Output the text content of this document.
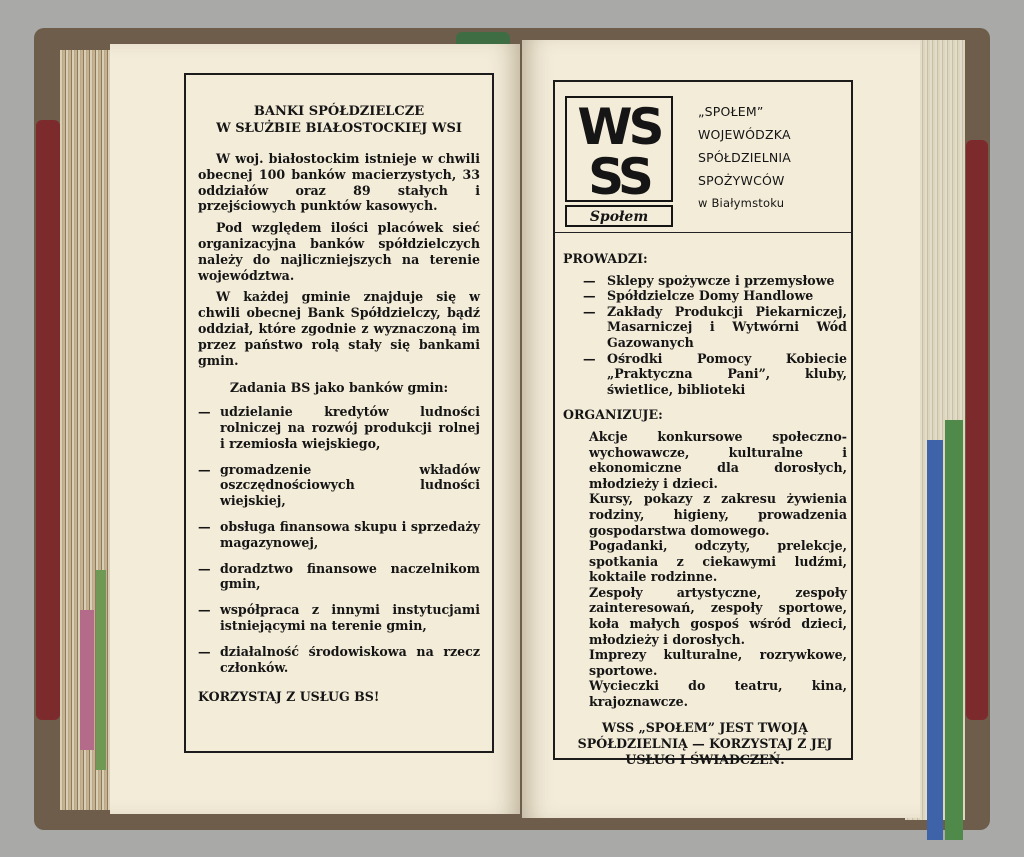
BANKI SPÓŁDZIELCZE
W SŁUŻBIE BIAŁOSTOCKIEJ WSI

W woj. białostockim istnieje w chwili obecnej 100 banków macierzystych, 33 oddziałów oraz 89 stałych i przejściowych punktów kasowych.

Pod względem ilości placówek sieć organizacyjna banków spółdzielczych należy do najliczniejszych na terenie województwa.

W każdej gminie znajduje się w chwili obecnej Bank Spółdzielczy, bądź oddział, które zgodnie z wyznaczoną im przez państwo rolą stały się bankami gmin.

Zadania BS jako banków gmin:
— udzielanie kredytów ludności rolniczej na rozwój produkcji rolnej i rzemiosła wiejskiego,
— gromadzenie wkładów oszczędnościowych ludności wiejskiej,
— obsługa finansowa skupu i sprzedaży magazynowej,
— doradztwo finansowe naczelnikom gmin,
— współpraca z innymi instytucjami istniejącymi na terenie gmin,
— działalność środowiskowa na rzecz członków.
KORZYSTAJ Z USŁUG BS!
WS
SS
Społem
„SPOŁEM”
WOJEWÓDZKA SPÓŁDZIELNIA
SPOŻYWCÓW
w Białymstoku
PROWADZI:
— Sklepy spożywcze i przemysłowe
— Spółdzielcze Domy Handlowe
— Zakłady Produkcji Piekarniczej, Masarniczej i Wytwórni Wód Gazowanych
— Ośrodki Pomocy Kobiecie „Praktyczna Pani”, kluby, świetlice, biblioteki
ORGANIZUJE:
Akcje konkursowe społeczno-wychowawcze, kulturalne i ekonomiczne dla dorosłych, młodzieży i dzieci.
Kursy, pokazy z zakresu żywienia rodziny, higieny, prowadzenia gospodarstwa domowego.
Pogadanki, odczyty, prelekcje, spotkania z ciekawymi ludźmi, koktaile rodzinne.
Zespoły artystyczne, zespoły zainteresowań, zespoły sportowe, koła małych gospoś wśród dzieci, młodzieży i dorosłych.
Imprezy kulturalne, rozrywkowe, sportowe.
Wycieczki do teatru, kina, krajoznawcze.
WSS „SPOŁEM” JEST TWOJĄ SPÓŁDZIELNIĄ — KORZYSTAJ Z JEJ USŁUG I ŚWIADCZEŃ.
